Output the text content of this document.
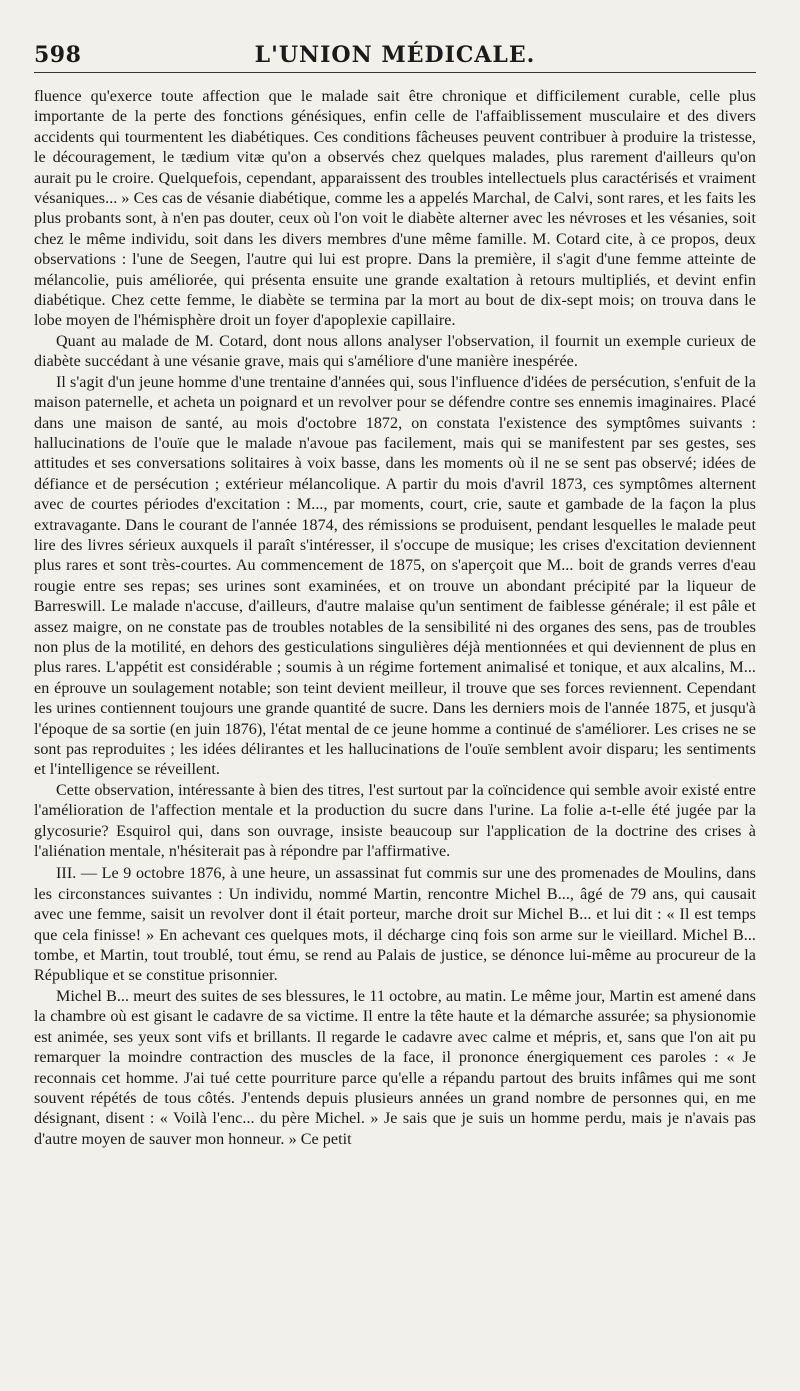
598	L'UNION MÉDICALE.

fluence qu'exerce toute affection que le malade sait être chronique et difficilement curable, celle plus importante de la perte des fonctions génésiques, enfin celle de l'affaiblissement musculaire et des divers accidents qui tourmentent les diabétiques. Ces conditions fâcheuses peuvent contribuer à produire la tristesse, le découragement, le tædium vitæ qu'on a observés chez quelques malades, plus rarement d'ailleurs qu'on aurait pu le croire. Quelquefois, cependant, apparaissent des troubles intellectuels plus caractérisés et vraiment vésaniques... » Ces cas de vésanie diabétique, comme les a appelés Marchal, de Calvi, sont rares, et les faits les plus probants sont, à n'en pas douter, ceux où l'on voit le diabète alterner avec les névroses et les vésanies, soit chez le même individu, soit dans les divers membres d'une même famille. M. Cotard cite, à ce propos, deux observations : l'une de Seegen, l'autre qui lui est propre. Dans la première, il s'agit d'une femme atteinte de mélancolie, puis améliorée, qui présenta ensuite une grande exaltation à retours multipliés, et devint enfin diabétique. Chez cette femme, le diabète se termina par la mort au bout de dix-sept mois; on trouva dans le lobe moyen de l'hémisphère droit un foyer d'apoplexie capillaire.

Quant au malade de M. Cotard, dont nous allons analyser l'observation, il fournit un exemple curieux de diabète succédant à une vésanie grave, mais qui s'améliore d'une manière inespérée.

Il s'agit d'un jeune homme d'une trentaine d'années qui, sous l'influence d'idées de persécution, s'enfuit de la maison paternelle, et acheta un poignard et un revolver pour se défendre contre ses ennemis imaginaires. Placé dans une maison de santé, au mois d'octobre 1872, on constata l'existence des symptômes suivants : hallucinations de l'ouïe que le malade n'avoue pas facilement, mais qui se manifestent par ses gestes, ses attitudes et ses conversations solitaires à voix basse, dans les moments où il ne se sent pas observé; idées de défiance et de persécution ; extérieur mélancolique. A partir du mois d'avril 1873, ces symptômes alternent avec de courtes périodes d'excitation : M..., par moments, court, crie, saute et gambade de la façon la plus extravagante. Dans le courant de l'année 1874, des rémissions se produisent, pendant lesquelles le malade peut lire des livres sérieux auxquels il paraît s'intéresser, il s'occupe de musique; les crises d'excitation deviennent plus rares et sont très-courtes. Au commencement de 1875, on s'aperçoit que M... boit de grands verres d'eau rougie entre ses repas; ses urines sont examinées, et on trouve un abondant précipité par la liqueur de Barreswill. Le malade n'accuse, d'ailleurs, d'autre malaise qu'un sentiment de faiblesse générale; il est pâle et assez maigre, on ne constate pas de troubles notables de la sensibilité ni des organes des sens, pas de troubles non plus de la motilité, en dehors des gesticulations singulières déjà mentionnées et qui deviennent de plus en plus rares. L'appétit est considérable ; soumis à un régime fortement animalisé et tonique, et aux alcalins, M... en éprouve un soulagement notable; son teint devient meilleur, il trouve que ses forces reviennent. Cependant les urines contiennent toujours une grande quantité de sucre. Dans les derniers mois de l'année 1875, et jusqu'à l'époque de sa sortie (en juin 1876), l'état mental de ce jeune homme a continué de s'améliorer. Les crises ne se sont pas reproduites ; les idées délirantes et les hallucinations de l'ouïe semblent avoir disparu; les sentiments et l'intelligence se réveillent.

Cette observation, intéressante à bien des titres, l'est surtout par la coïncidence qui semble avoir existé entre l'amélioration de l'affection mentale et la production du sucre dans l'urine. La folie a-t-elle été jugée par la glycosurie? Esquirol qui, dans son ouvrage, insiste beaucoup sur l'application de la doctrine des crises à l'aliénation mentale, n'hésiterait pas à répondre par l'affirmative.

III. — Le 9 octobre 1876, à une heure, un assassinat fut commis sur une des promenades de Moulins, dans les circonstances suivantes : Un individu, nommé Martin, rencontre Michel B..., âgé de 79 ans, qui causait avec une femme, saisit un revolver dont il était porteur, marche droit sur Michel B... et lui dit : « Il est temps que cela finisse! » En achevant ces quelques mots, il décharge cinq fois son arme sur le vieillard. Michel B... tombe, et Martin, tout troublé, tout ému, se rend au Palais de justice, se dénonce lui-même au procureur de la République et se constitue prisonnier.

Michel B... meurt des suites de ses blessures, le 11 octobre, au matin. Le même jour, Martin est amené dans la chambre où est gisant le cadavre de sa victime. Il entre la tête haute et la démarche assurée; sa physionomie est animée, ses yeux sont vifs et brillants. Il regarde le cadavre avec calme et mépris, et, sans que l'on ait pu remarquer la moindre contraction des muscles de la face, il prononce énergiquement ces paroles : « Je reconnais cet homme. J'ai tué cette pourriture parce qu'elle a répandu partout des bruits infâmes qui me sont souvent répétés de tous côtés. J'entends depuis plusieurs années un grand nombre de personnes qui, en me désignant, disent : « Voilà l'enc... du père Michel. » Je sais que je suis un homme perdu, mais je n'avais pas d'autre moyen de sauver mon honneur. » Ce petit
